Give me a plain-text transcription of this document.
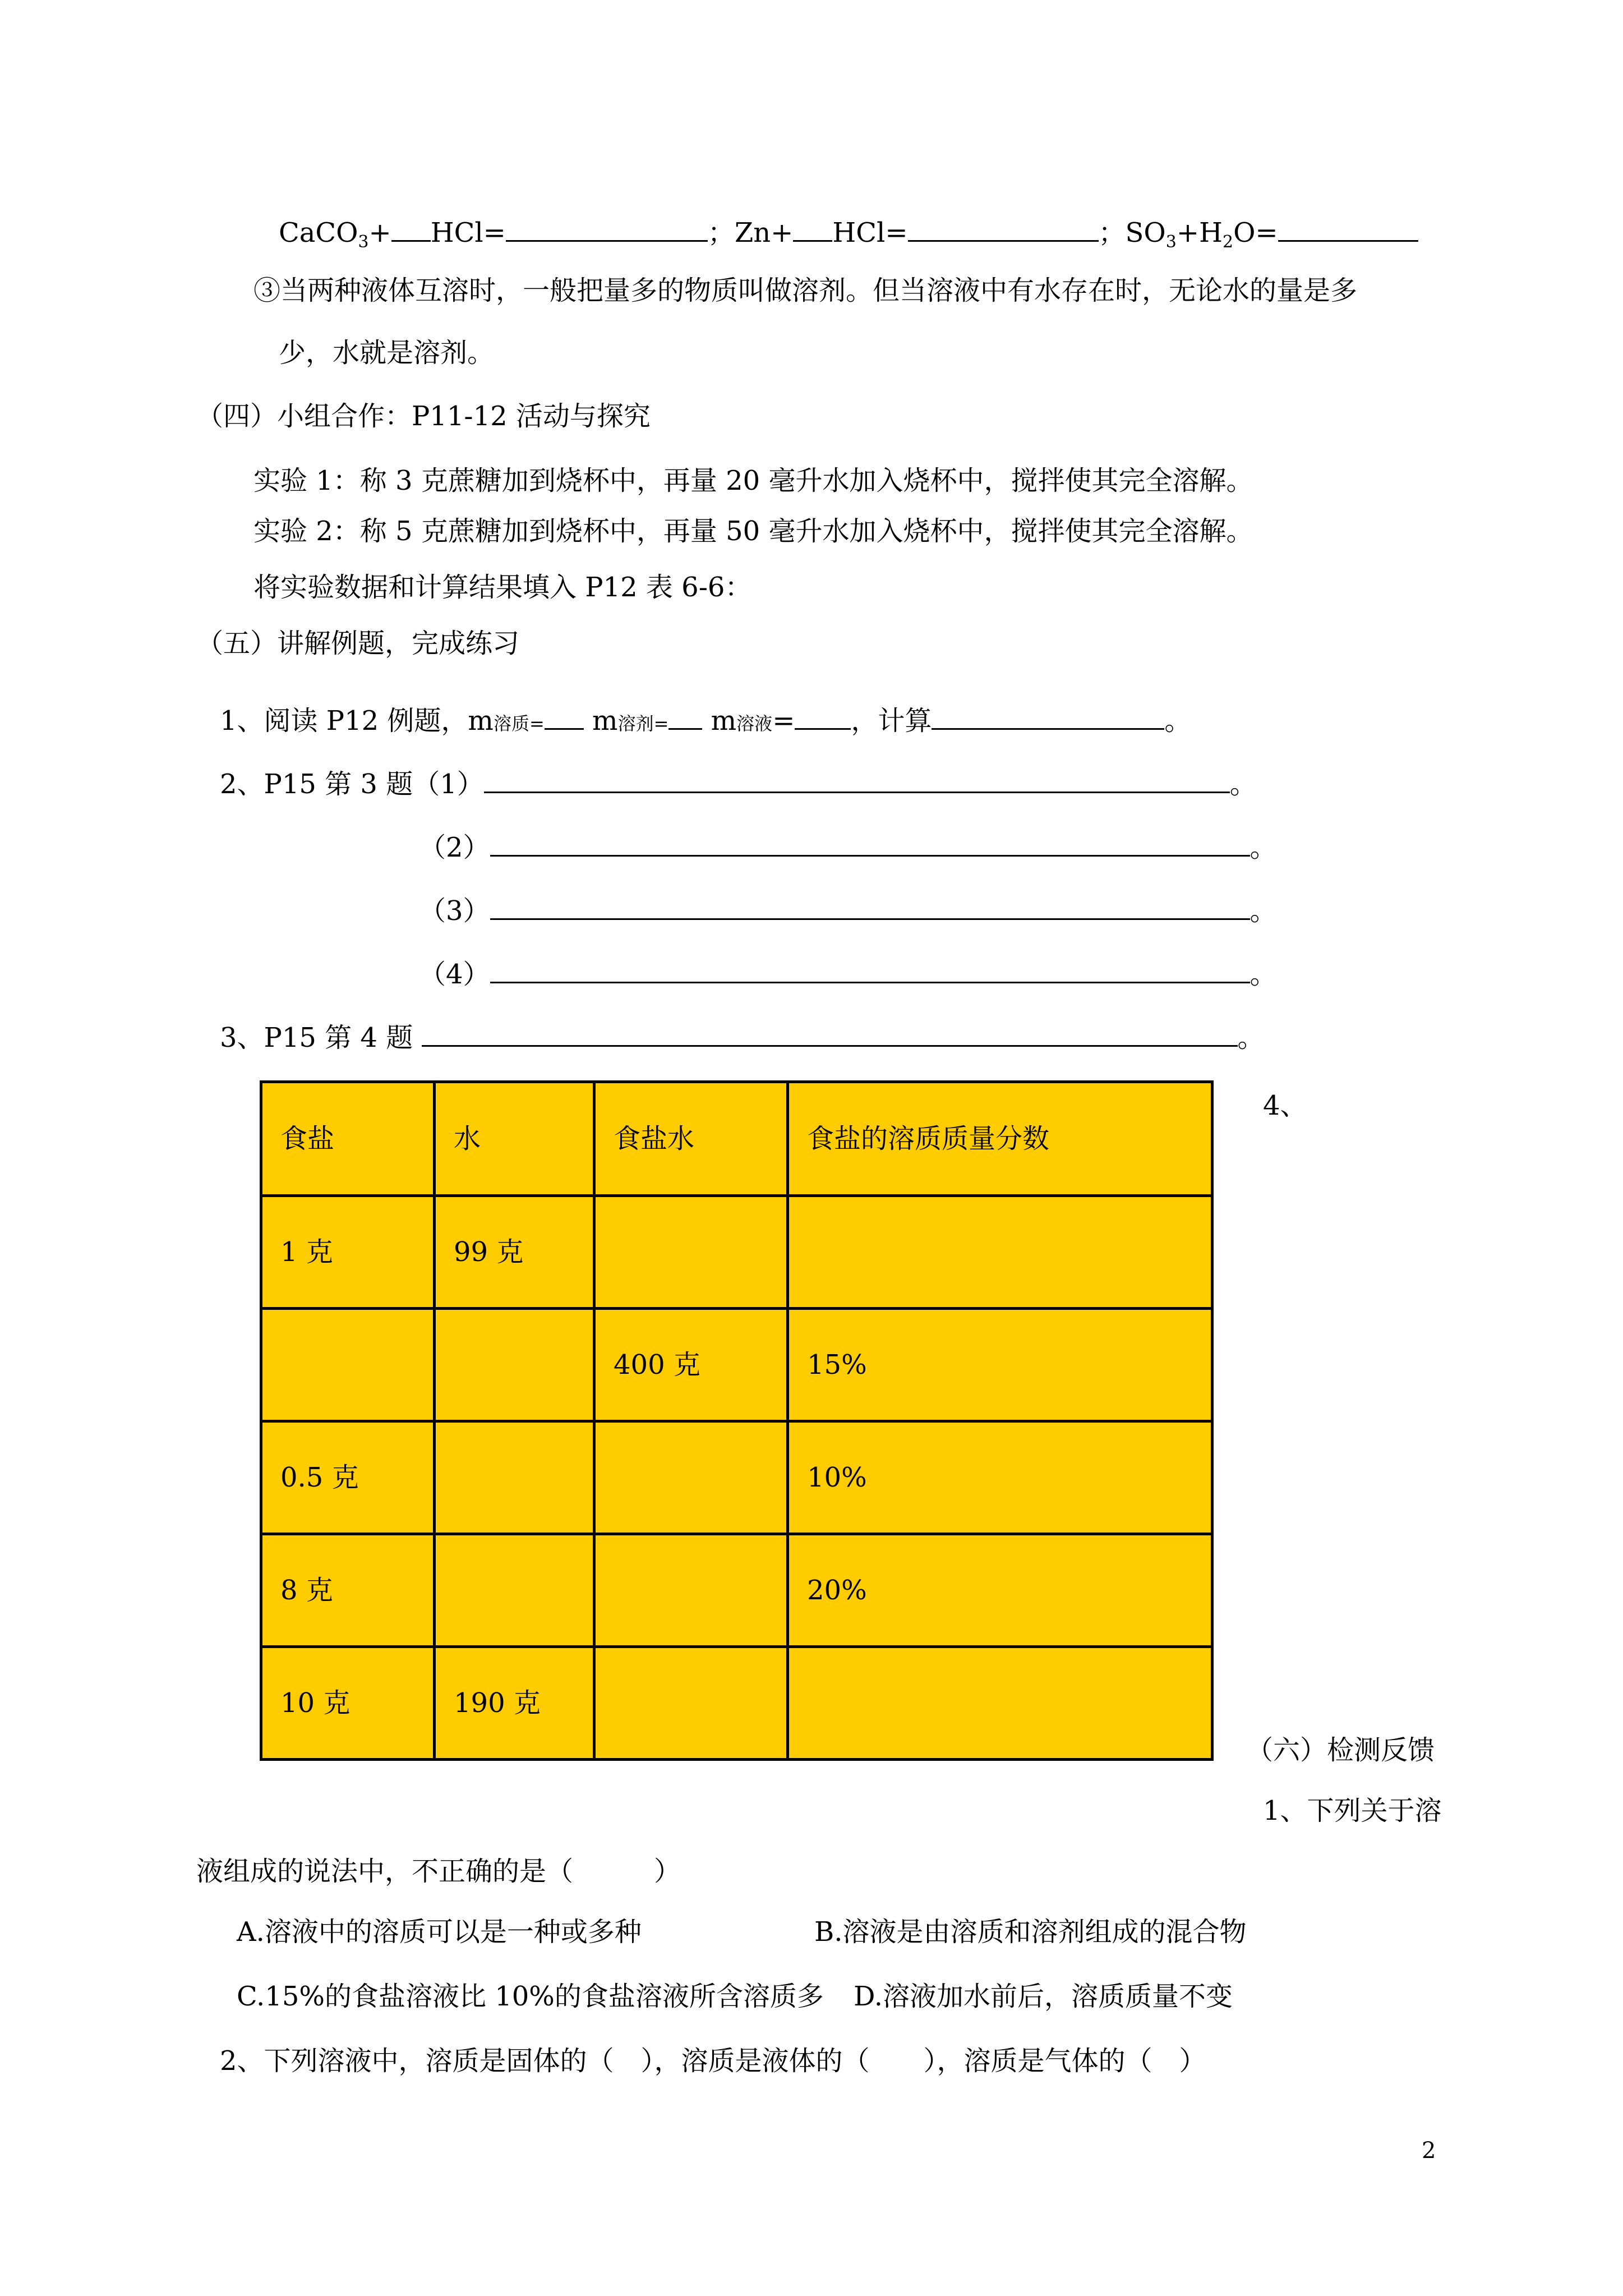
CaCO$_3$+ HCl=	；Zn+ HCl=	；$SO_3+H_2O=$
③当两种液体互溶时，一般把量多的物质叫做溶剂。但当溶液中有水存在时，无论水的量是多
少，水就是溶剂。
（四）小组合作：P11-12 活动与探究
实验 1：称 3 克蔗糖加到烧杯中，再量 20 毫升水加入烧杯中，搅拌使其完全溶解。
实验 2：称 5 克蔗糖加到烧杯中，再量 50 毫升水加入烧杯中，搅拌使其完全溶解。
将实验数据和计算结果填入 P12 表 6-6：
（五）讲解例题，完成练习
1、阅读 P12 例题，m溶质= m溶剂= m溶液= ，计算	。
2、P15 第 3 题（1）	。
（2）	。
（3）	。
（4）	。
3、P15 第 4 题	。
4、
食盐	水	食盐水	食盐的溶质质量分数
1 克	99 克		
		400 克	15%
0.5 克			10%
8 克			20%
10 克	190 克		
（六）检测反馈
1、下列关于溶
液组成的说法中，不正确的是（　　　）
A.溶液中的溶质可以是一种或多种	B.溶液是由溶质和溶剂组成的混合物
C.15%的食盐溶液比 10%的食盐溶液所含溶质多 D.溶液加水前后，溶质质量不变
2、下列溶液中，溶质是固体的（　），溶质是液体的（　　），溶质是气体的（　）
2
